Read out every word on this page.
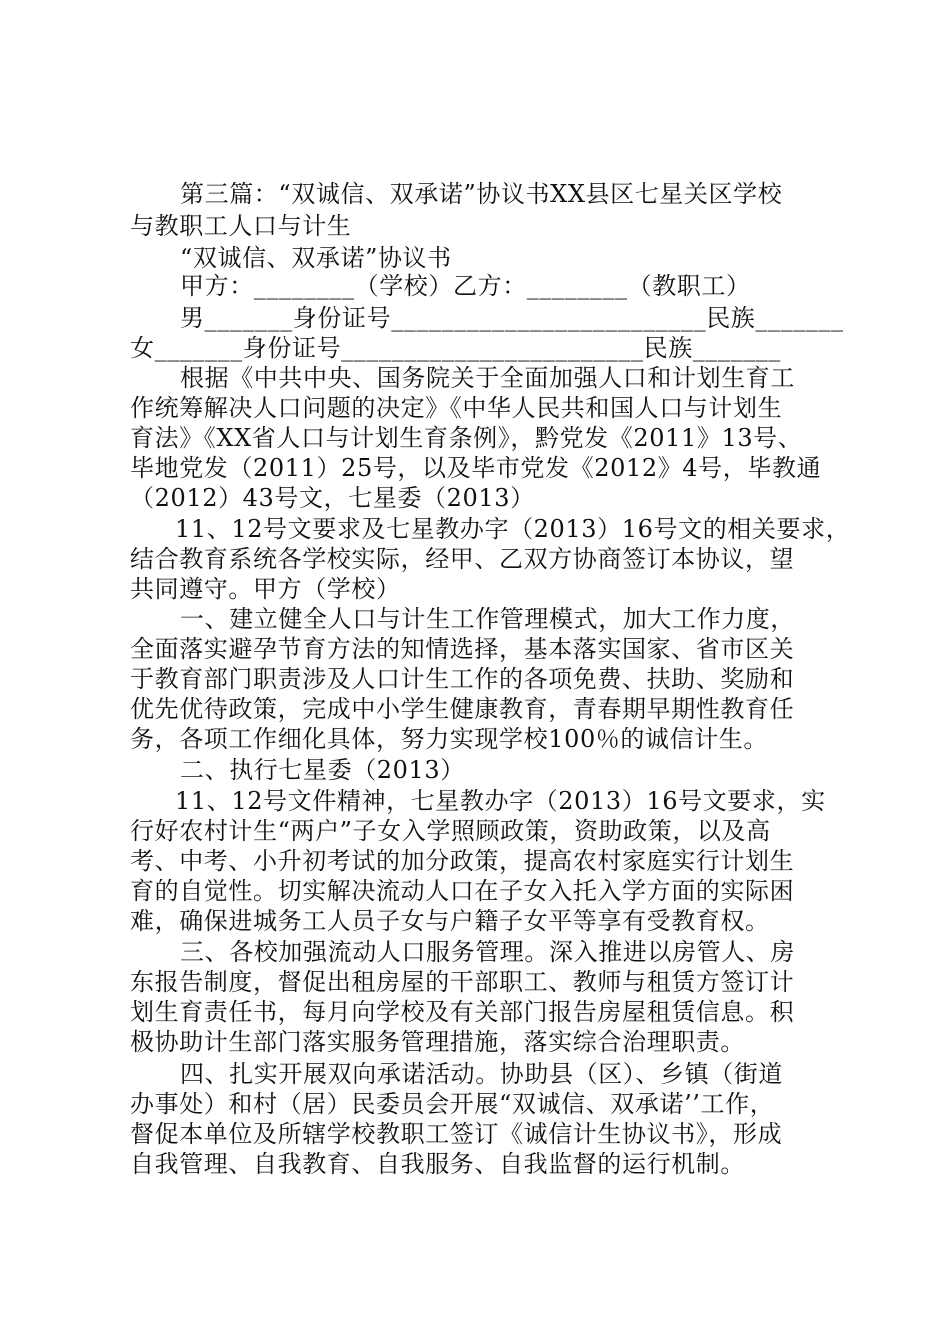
第三篇：“双诚信、双承诺”协议书XX县区七星关区学校
与教职工人口与计生
“双诚信、双承诺”协议书
甲方：________（学校）乙方：________（教职工）
男_______身份证号_________________________民族_______
女_______身份证号________________________民族_______
根据《中共中央、国务院关于全面加强人口和计划生育工
作统筹解决人口问题的决定》《中华人民共和国人口与计划生
育法》《XX省人口与计划生育条例》，黔党发《2011》13号、
毕地党发（2011）25号，以及毕市党发《2012》4号，毕教通
（2012）43号文，七星委（2013）
11、12号文要求及七星教办字（2013）16号文的相关要求，
结合教育系统各学校实际，经甲、乙双方协商签订本协议，望
共同遵守。甲方（学校）
一、建立健全人口与计生工作管理模式，加大工作力度，
全面落实避孕节育方法的知情选择，基本落实国家、省市区关
于教育部门职责涉及人口计生工作的各项免费、扶助、奖励和
优先优待政策，完成中小学生健康教育，青春期早期性教育任
务，各项工作细化具体，努力实现学校100％的诚信计生。
二、执行七星委（2013）
11、12号文件精神，七星教办字（2013）16号文要求，实
行好农村计生“两户”子女入学照顾政策，资助政策，以及高
考、中考、小升初考试的加分政策，提高农村家庭实行计划生
育的自觉性。切实解决流动人口在子女入托入学方面的实际困
难，确保进城务工人员子女与户籍子女平等享有受教育权。
三、各校加强流动人口服务管理。深入推进以房管人、房
东报告制度，督促出租房屋的干部职工、教师与租赁方签订计
划生育责任书，每月向学校及有关部门报告房屋租赁信息。积
极协助计生部门落实服务管理措施，落实综合治理职责。
四、扎实开展双向承诺活动。协助县（区）、乡镇（街道
办事处）和村（居）民委员会开展“双诚信、双承诺’’工作，
督促本单位及所辖学校教职工签订《诚信计生协议书》，形成
自我管理、自我教育、自我服务、自我监督的运行机制。
